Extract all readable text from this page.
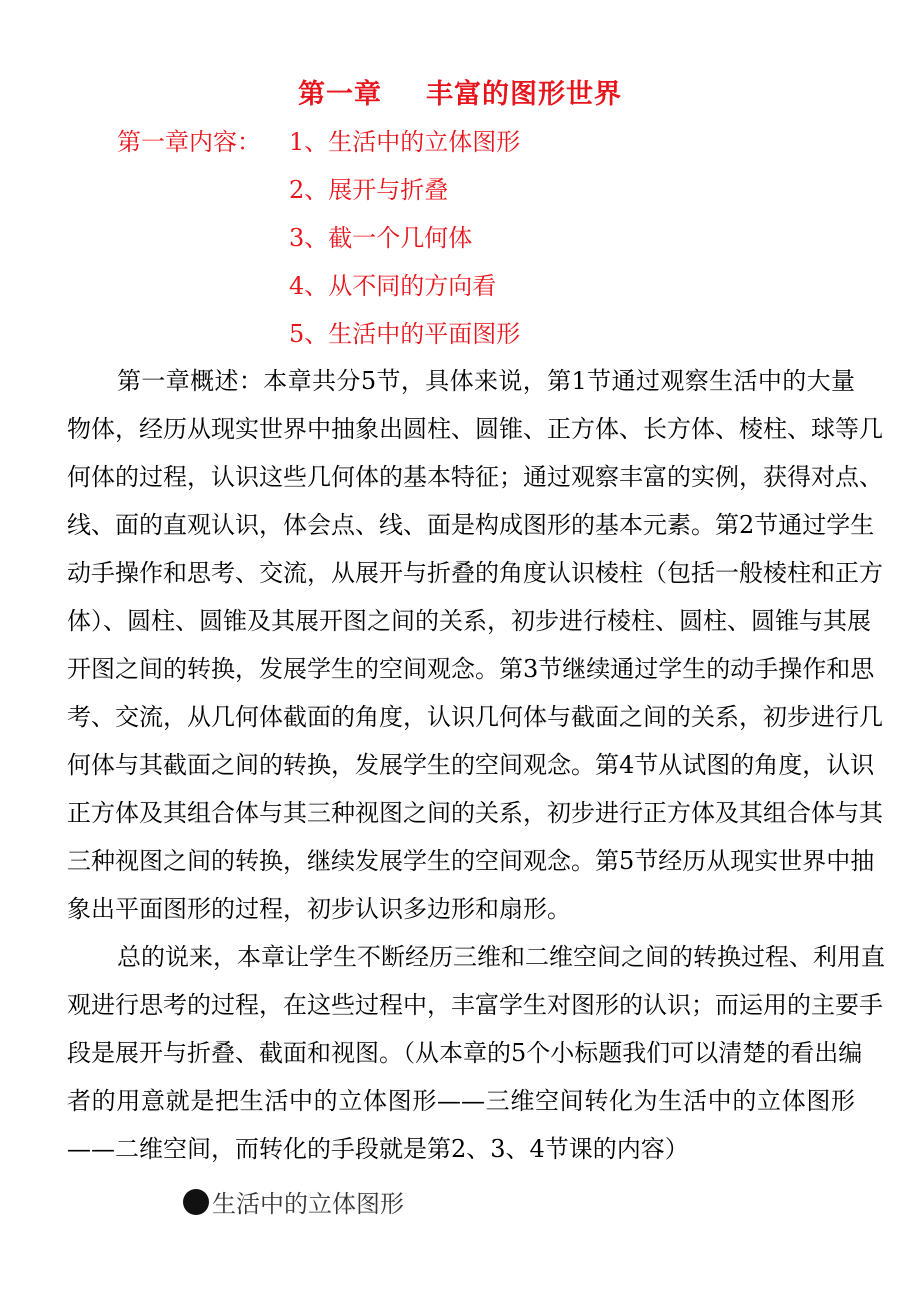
第一章 丰富的图形世界
第一章内容： 1、生活中的立体图形
2、展开与折叠
3、截一个几何体
4、从不同的方向看
5、生活中的平面图形
第一章概述：本章共分5节，具体来说，第1节通过观察生活中的大量
物体，经历从现实世界中抽象出圆柱、圆锥、正方体、长方体、棱柱、球等几
何体的过程，认识这些几何体的基本特征；通过观察丰富的实例，获得对点、
线、面的直观认识，体会点、线、面是构成图形的基本元素。第2节通过学生
动手操作和思考、交流，从展开与折叠的角度认识棱柱（包括一般棱柱和正方
体）、圆柱、圆锥及其展开图之间的关系，初步进行棱柱、圆柱、圆锥与其展
开图之间的转换，发展学生的空间观念。第3节继续通过学生的动手操作和思
考、交流，从几何体截面的角度，认识几何体与截面之间的关系，初步进行几
何体与其截面之间的转换，发展学生的空间观念。第4节从试图的角度，认识
正方体及其组合体与其三种视图之间的关系，初步进行正方体及其组合体与其
三种视图之间的转换，继续发展学生的空间观念。第5节经历从现实世界中抽
象出平面图形的过程，初步认识多边形和扇形。
总的说来，本章让学生不断经历三维和二维空间之间的转换过程、利用直
观进行思考的过程，在这些过程中，丰富学生对图形的认识；而运用的主要手
段是展开与折叠、截面和视图。（从本章的5个小标题我们可以清楚的看出编
者的用意就是把生活中的立体图形——三维空间转化为生活中的立体图形
——二维空间，而转化的手段就是第2、3、4节课的内容）
生活中的立体图形
